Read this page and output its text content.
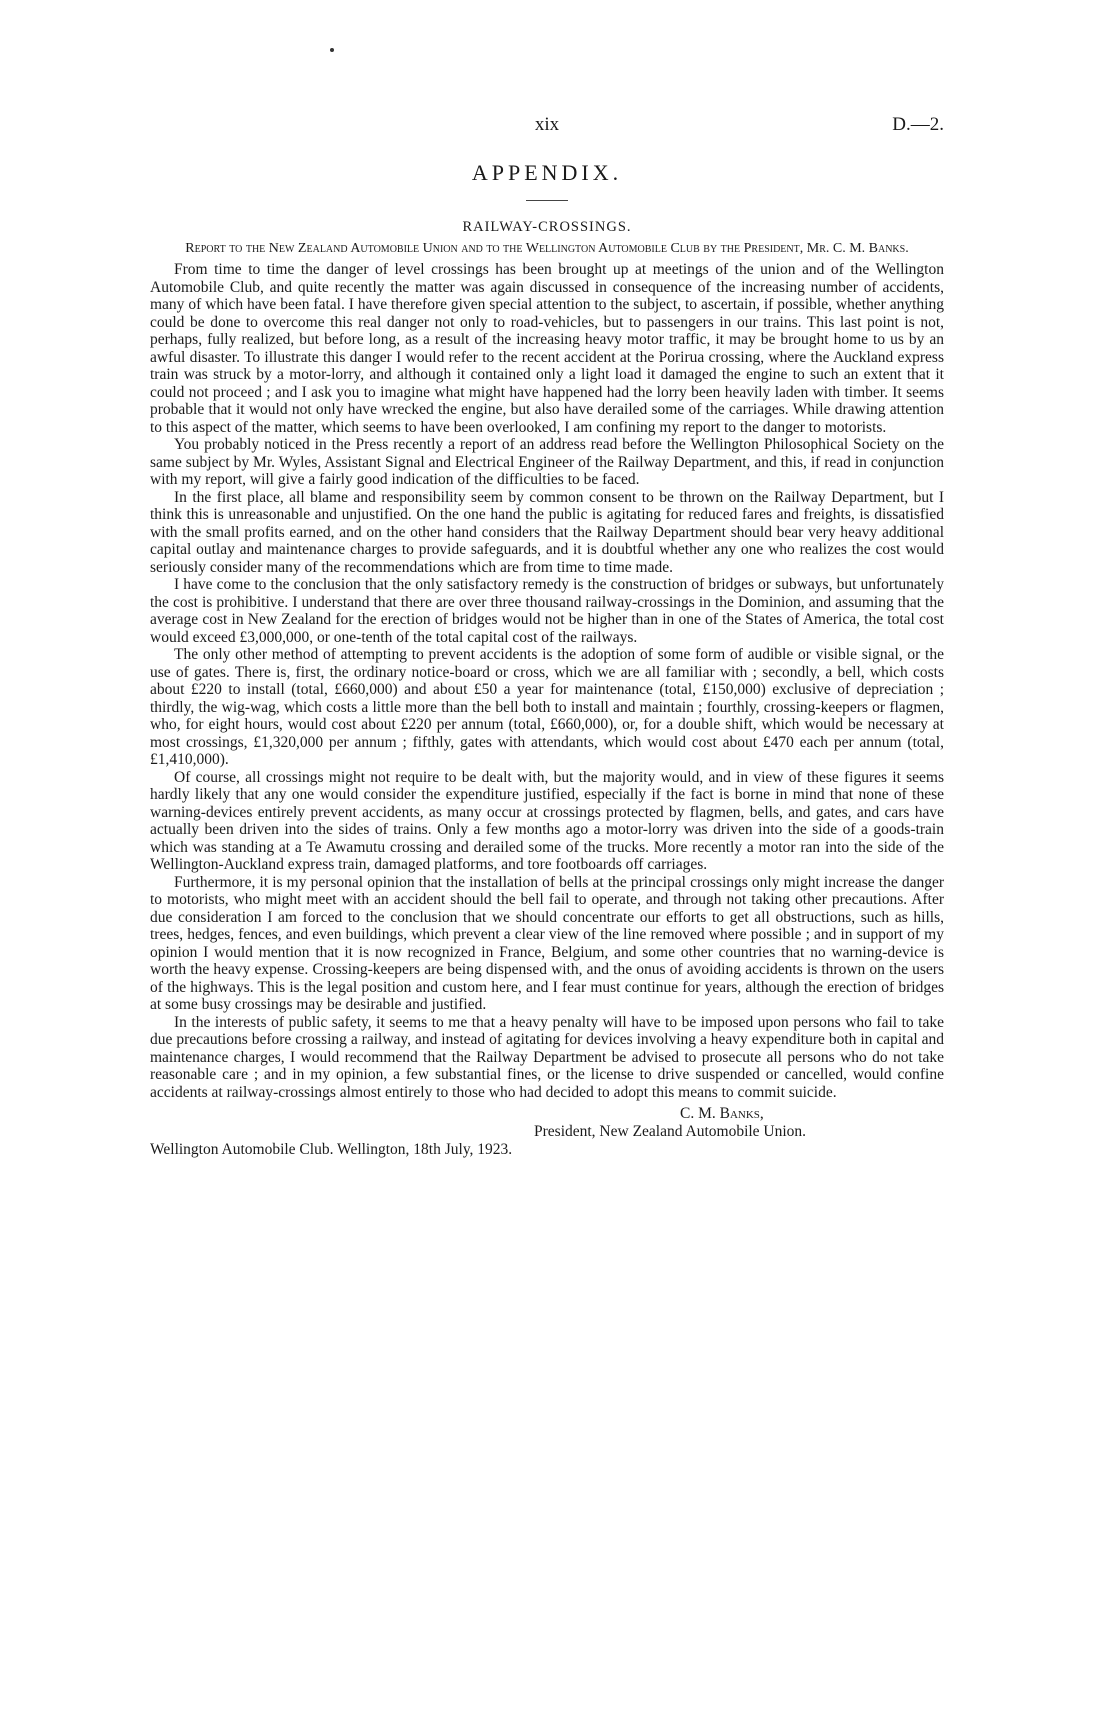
xix	D.—2.
APPENDIX.
RAILWAY-CROSSINGS.
Report to the New Zealand Automobile Union and to the Wellington Automobile Club by the President, Mr. C. M. Banks.

From time to time the danger of level crossings has been brought up at meetings of the union and of the Wellington Automobile Club, and quite recently the matter was again discussed in consequence of the increasing number of accidents, many of which have been fatal. I have therefore given special attention to the subject, to ascertain, if possible, whether anything could be done to overcome this real danger not only to road-vehicles, but to passengers in our trains. This last point is not, perhaps, fully realized, but before long, as a result of the increasing heavy motor traffic, it may be brought home to us by an awful disaster. To illustrate this danger I would refer to the recent accident at the Porirua crossing, where the Auckland express train was struck by a motor-lorry, and although it contained only a light load it damaged the engine to such an extent that it could not proceed ; and I ask you to imagine what might have happened had the lorry been heavily laden with timber. It seems probable that it would not only have wrecked the engine, but also have derailed some of the carriages. While drawing attention to this aspect of the matter, which seems to have been overlooked, I am confining my report to the danger to motorists.

You probably noticed in the Press recently a report of an address read before the Wellington Philosophical Society on the same subject by Mr. Wyles, Assistant Signal and Electrical Engineer of the Railway Department, and this, if read in conjunction with my report, will give a fairly good indication of the difficulties to be faced.

In the first place, all blame and responsibility seem by common consent to be thrown on the Railway Department, but I think this is unreasonable and unjustified. On the one hand the public is agitating for reduced fares and freights, is dissatisfied with the small profits earned, and on the other hand considers that the Railway Department should bear very heavy additional capital outlay and maintenance charges to provide safeguards, and it is doubtful whether any one who realizes the cost would seriously consider many of the recommendations which are from time to time made.

I have come to the conclusion that the only satisfactory remedy is the construction of bridges or subways, but unfortunately the cost is prohibitive. I understand that there are over three thousand railway-crossings in the Dominion, and assuming that the average cost in New Zealand for the erection of bridges would not be higher than in one of the States of America, the total cost would exceed £3,000,000, or one-tenth of the total capital cost of the railways.

The only other method of attempting to prevent accidents is the adoption of some form of audible or visible signal, or the use of gates. There is, first, the ordinary notice-board or cross, which we are all familiar with ; secondly, a bell, which costs about £220 to install (total, £660,000) and about £50 a year for maintenance (total, £150,000) exclusive of depreciation ; thirdly, the wig-wag, which costs a little more than the bell both to install and maintain ; fourthly, crossing-keepers or flagmen, who, for eight hours, would cost about £220 per annum (total, £660,000), or, for a double shift, which would be necessary at most crossings, £1,320,000 per annum ; fifthly, gates with attendants, which would cost about £470 each per annum (total, £1,410,000).

Of course, all crossings might not require to be dealt with, but the majority would, and in view of these figures it seems hardly likely that any one would consider the expenditure justified, especially if the fact is borne in mind that none of these warning-devices entirely prevent accidents, as many occur at crossings protected by flagmen, bells, and gates, and cars have actually been driven into the sides of trains. Only a few months ago a motor-lorry was driven into the side of a goods-train which was standing at a Te Awamutu crossing and derailed some of the trucks. More recently a motor ran into the side of the Wellington-Auckland express train, damaged platforms, and tore footboards off carriages.

Furthermore, it is my personal opinion that the installation of bells at the principal crossings only might increase the danger to motorists, who might meet with an accident should the bell fail to operate, and through not taking other precautions. After due consideration I am forced to the conclusion that we should concentrate our efforts to get all obstructions, such as hills, trees, hedges, fences, and even buildings, which prevent a clear view of the line removed where possible ; and in support of my opinion I would mention that it is now recognized in France, Belgium, and some other countries that no warning-device is worth the heavy expense. Crossing-keepers are being dispensed with, and the onus of avoiding accidents is thrown on the users of the highways. This is the legal position and custom here, and I fear must continue for years, although the erection of bridges at some busy crossings may be desirable and justified.

In the interests of public safety, it seems to me that a heavy penalty will have to be imposed upon persons who fail to take due precautions before crossing a railway, and instead of agitating for devices involving a heavy expenditure both in capital and maintenance charges, I would recommend that the Railway Department be advised to prosecute all persons who do not take reasonable care ; and in my opinion, a few substantial fines, or the license to drive suspended or cancelled, would confine accidents at railway-crossings almost entirely to those who had decided to adopt this means to commit suicide.

C. M. Banks,
President, New Zealand Automobile Union.
Wellington Automobile Club. Wellington, 18th July, 1923.
